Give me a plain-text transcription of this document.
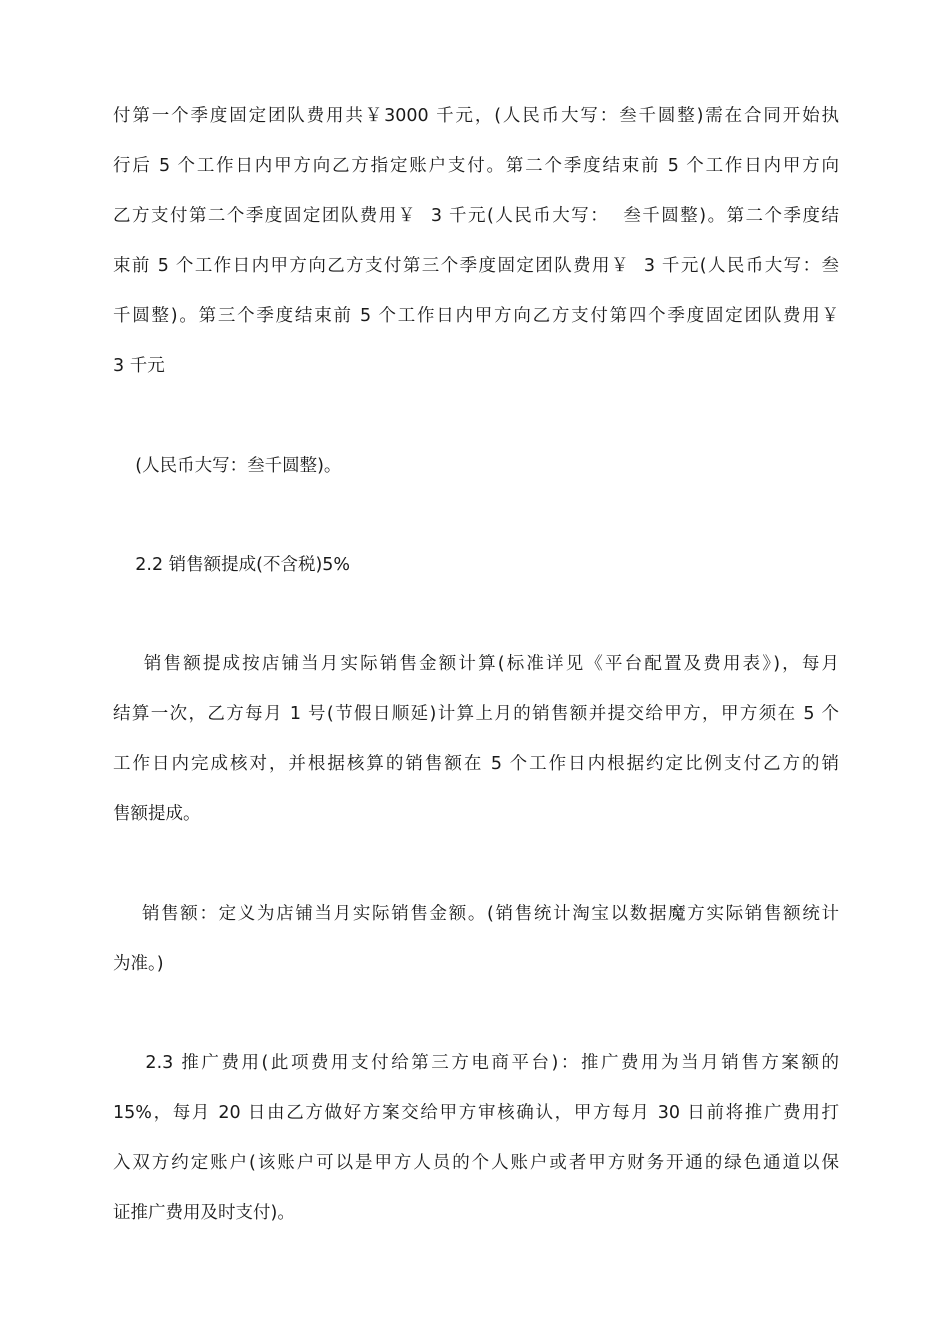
付第一个季度固定团队费用共￥3000 千元，(人民币大写：叁千圆整)需在合同开始执
行后 5 个工作日内甲方向乙方指定账户支付。第二个季度结束前 5 个工作日内甲方向
乙方支付第二个季度固定团队费用￥  3 千元(人民币大写：  叁千圆整)。第二个季度结
束前 5 个工作日内甲方向乙方支付第三个季度固定团队费用￥  3 千元(人民币大写：叁
千圆整)。第三个季度结束前 5 个工作日内甲方向乙方支付第四个季度固定团队费用￥
3 千元
(人民币大写：叁千圆整)。
2.2 销售额提成(不含税)5%
销售额提成按店铺当月实际销售金额计算(标准详见《平台配置及费用表》)，每月
结算一次，乙方每月 1 号(节假日顺延)计算上月的销售额并提交给甲方，甲方须在 5 个
工作日内完成核对，并根据核算的销售额在 5 个工作日内根据约定比例支付乙方的销
售额提成。
销售额：定义为店铺当月实际销售金额。(销售统计淘宝以数据魔方实际销售额统计
为准。)
2.3 推广费用(此项费用支付给第三方电商平台)：推广费用为当月销售方案额的
15%，每月 20 日由乙方做好方案交给甲方审核确认，甲方每月 30 日前将推广费用打
入双方约定账户(该账户可以是甲方人员的个人账户或者甲方财务开通的绿色通道以保
证推广费用及时支付)。
